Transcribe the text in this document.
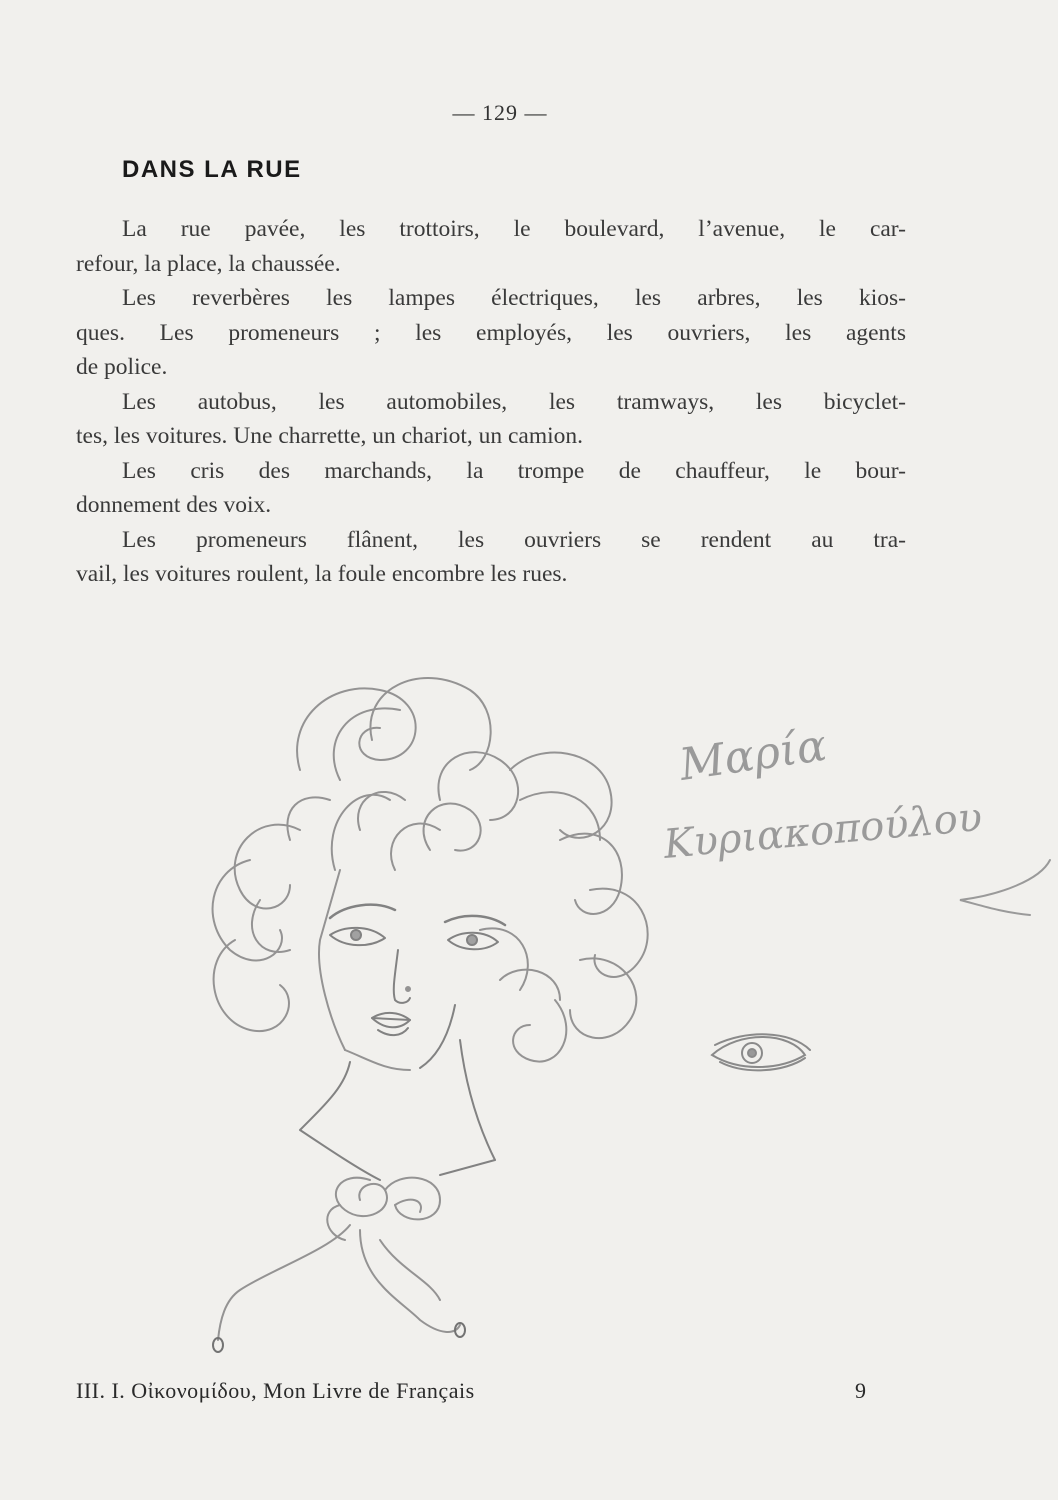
— 129 —
DANS LA RUE
La rue pavée, les trottoirs, le boulevard, l’avenue, le car-
refour, la place, la chaussée.
Les reverbères les lampes électriques, les arbres, les kios-
ques. Les promeneurs ; les employés, les ouvriers, les agents
de police.
Les autobus, les automobiles, les tramways, les bicyclet-
tes, les voitures. Une charrette, un chariot, un camion.
Les cris des marchands, la trompe de chauffeur, le bour-
donnement des voix.
Les promeneurs flânent, les ouvriers se rendent au tra-
vail, les voitures roulent, la foule encombre les rues.
Μαρία
Κυριακοπούλου
III. I. Οἰκονομίδου, Mon Livre de Français	9
